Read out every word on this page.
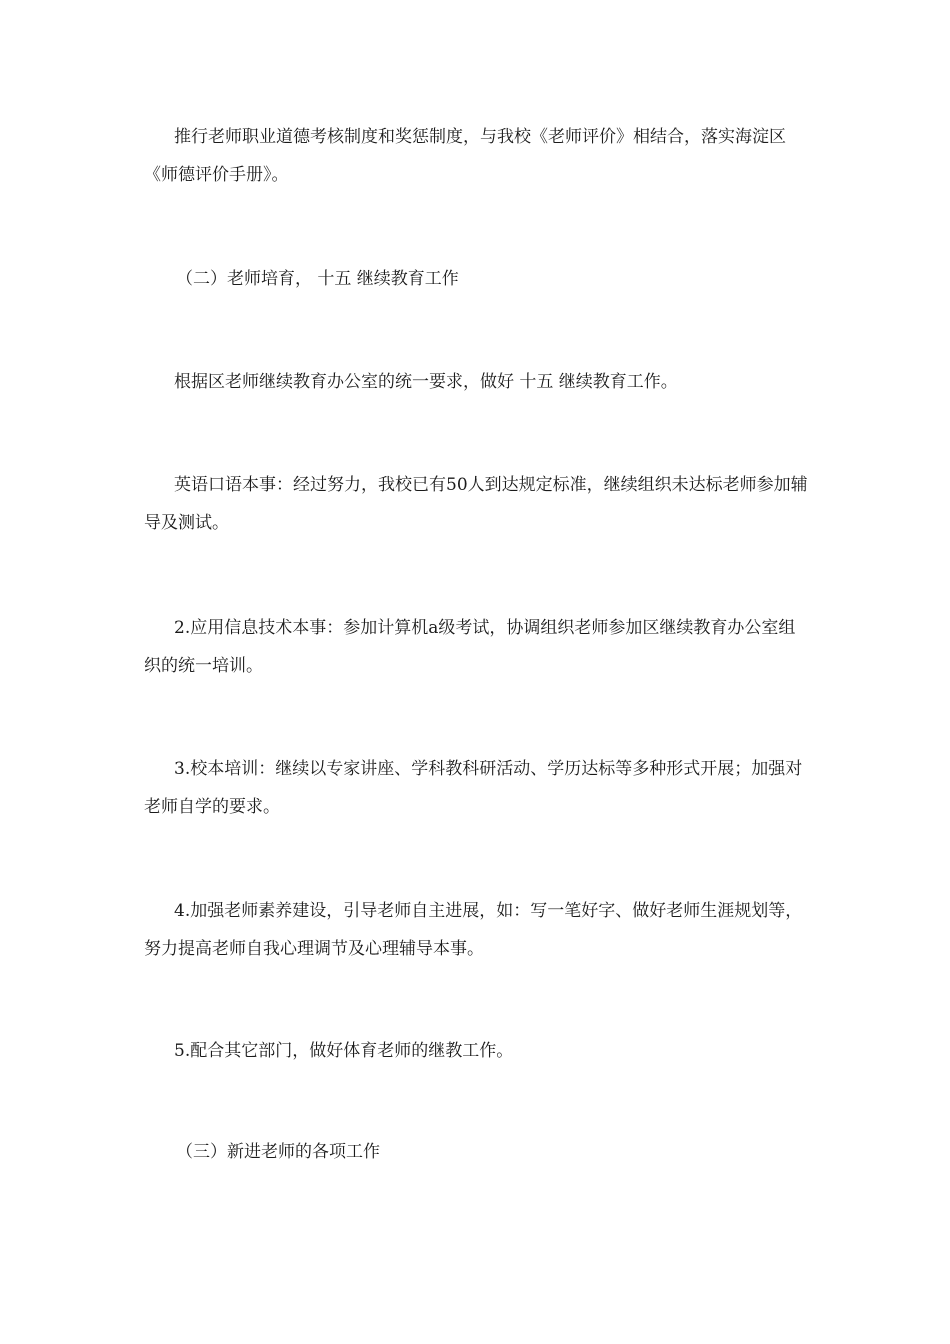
推行老师职业道德考核制度和奖惩制度，与我校《老师评价》相结合，落实海淀区《师德评价手册》。

（二）老师培育， 十五 继续教育工作

根据区老师继续教育办公室的统一要求，做好 十五 继续教育工作。

英语口语本事：经过努力，我校已有50人到达规定标准，继续组织未达标老师参加辅导及测试。

2.应用信息技术本事：参加计算机a级考试，协调组织老师参加区继续教育办公室组织的统一培训。

3.校本培训：继续以专家讲座、学科教科研活动、学历达标等多种形式开展；加强对老师自学的要求。

4.加强老师素养建设，引导老师自主进展，如：写一笔好字、做好老师生涯规划等，努力提高老师自我心理调节及心理辅导本事。

5.配合其它部门，做好体育老师的继教工作。

（三）新进老师的各项工作
